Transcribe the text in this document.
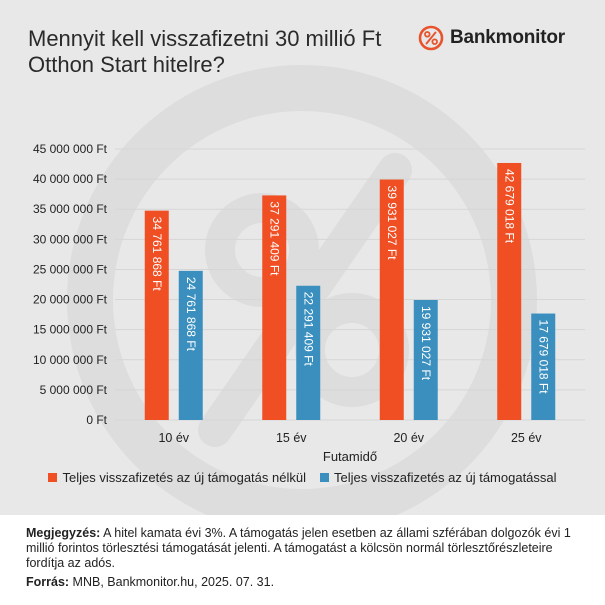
Mennyit kell visszafizetni 30 millió Ft
Otthon Start hitelre?
Bankmonitor
0 Ft
5 000 000 Ft
10 000 000 Ft
15 000 000 Ft
20 000 000 Ft
25 000 000 Ft
30 000 000 Ft
35 000 000 Ft
40 000 000 Ft
45 000 000 Ft
34 761 868 Ft
24 761 868 Ft
10 év
37 291 409 Ft
22 291 409 Ft
15 év
39 931 027 Ft
19 931 027 Ft
20 év
42 679 018 Ft
17 679 018 Ft
25 év
Futamidő
Teljes visszafizetés az új támogatás nélkül Teljes visszafizetés az új támogatással
Megjegyzés: A hitel kamata évi 3%. A támogatás jelen esetben az állami szférában dolgozók évi 1 millió forintos törlesztési támogatását jelenti. A támogatást a kölcsön normál törlesztőrészleteire fordítja az adós.
Forrás: MNB, Bankmonitor.hu, 2025. 07. 31.
